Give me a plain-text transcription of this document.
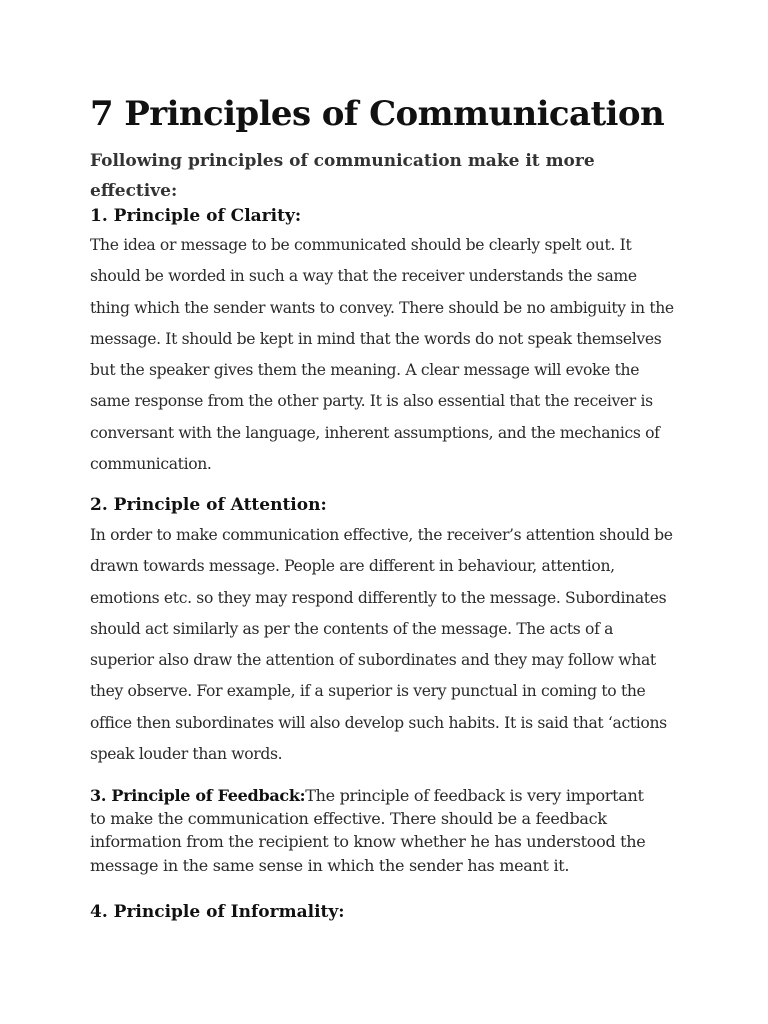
7 Principles of Communication

Following principles of communication make it more effective:

1. Principle of Clarity:

The idea or message to be communicated should be clearly spelt out. It should be worded in such a way that the receiver understands the same thing which the sender wants to convey. There should be no ambiguity in the message. It should be kept in mind that the words do not speak themselves but the speaker gives them the meaning. A clear message will evoke the same response from the other party. It is also essential that the receiver is conversant with the language, inherent assumptions, and the mechanics of communication.

2. Principle of Attention:

In order to make communication effective, the receiver’s attention should be drawn towards message. People are different in behaviour, attention, emotions etc. so they may respond differently to the message. Subordinates should act similarly as per the contents of the message. The acts of a superior also draw the attention of subordinates and they may follow what they observe. For example, if a superior is very punctual in coming to the office then subordinates will also develop such habits. It is said that ‘actions speak louder than words.

3. Principle of Feedback:The principle of feedback is very important to make the communication effective. There should be a feedback information from the recipient to know whether he has understood the message in the same sense in which the sender has meant it.

4. Principle of Informality:
